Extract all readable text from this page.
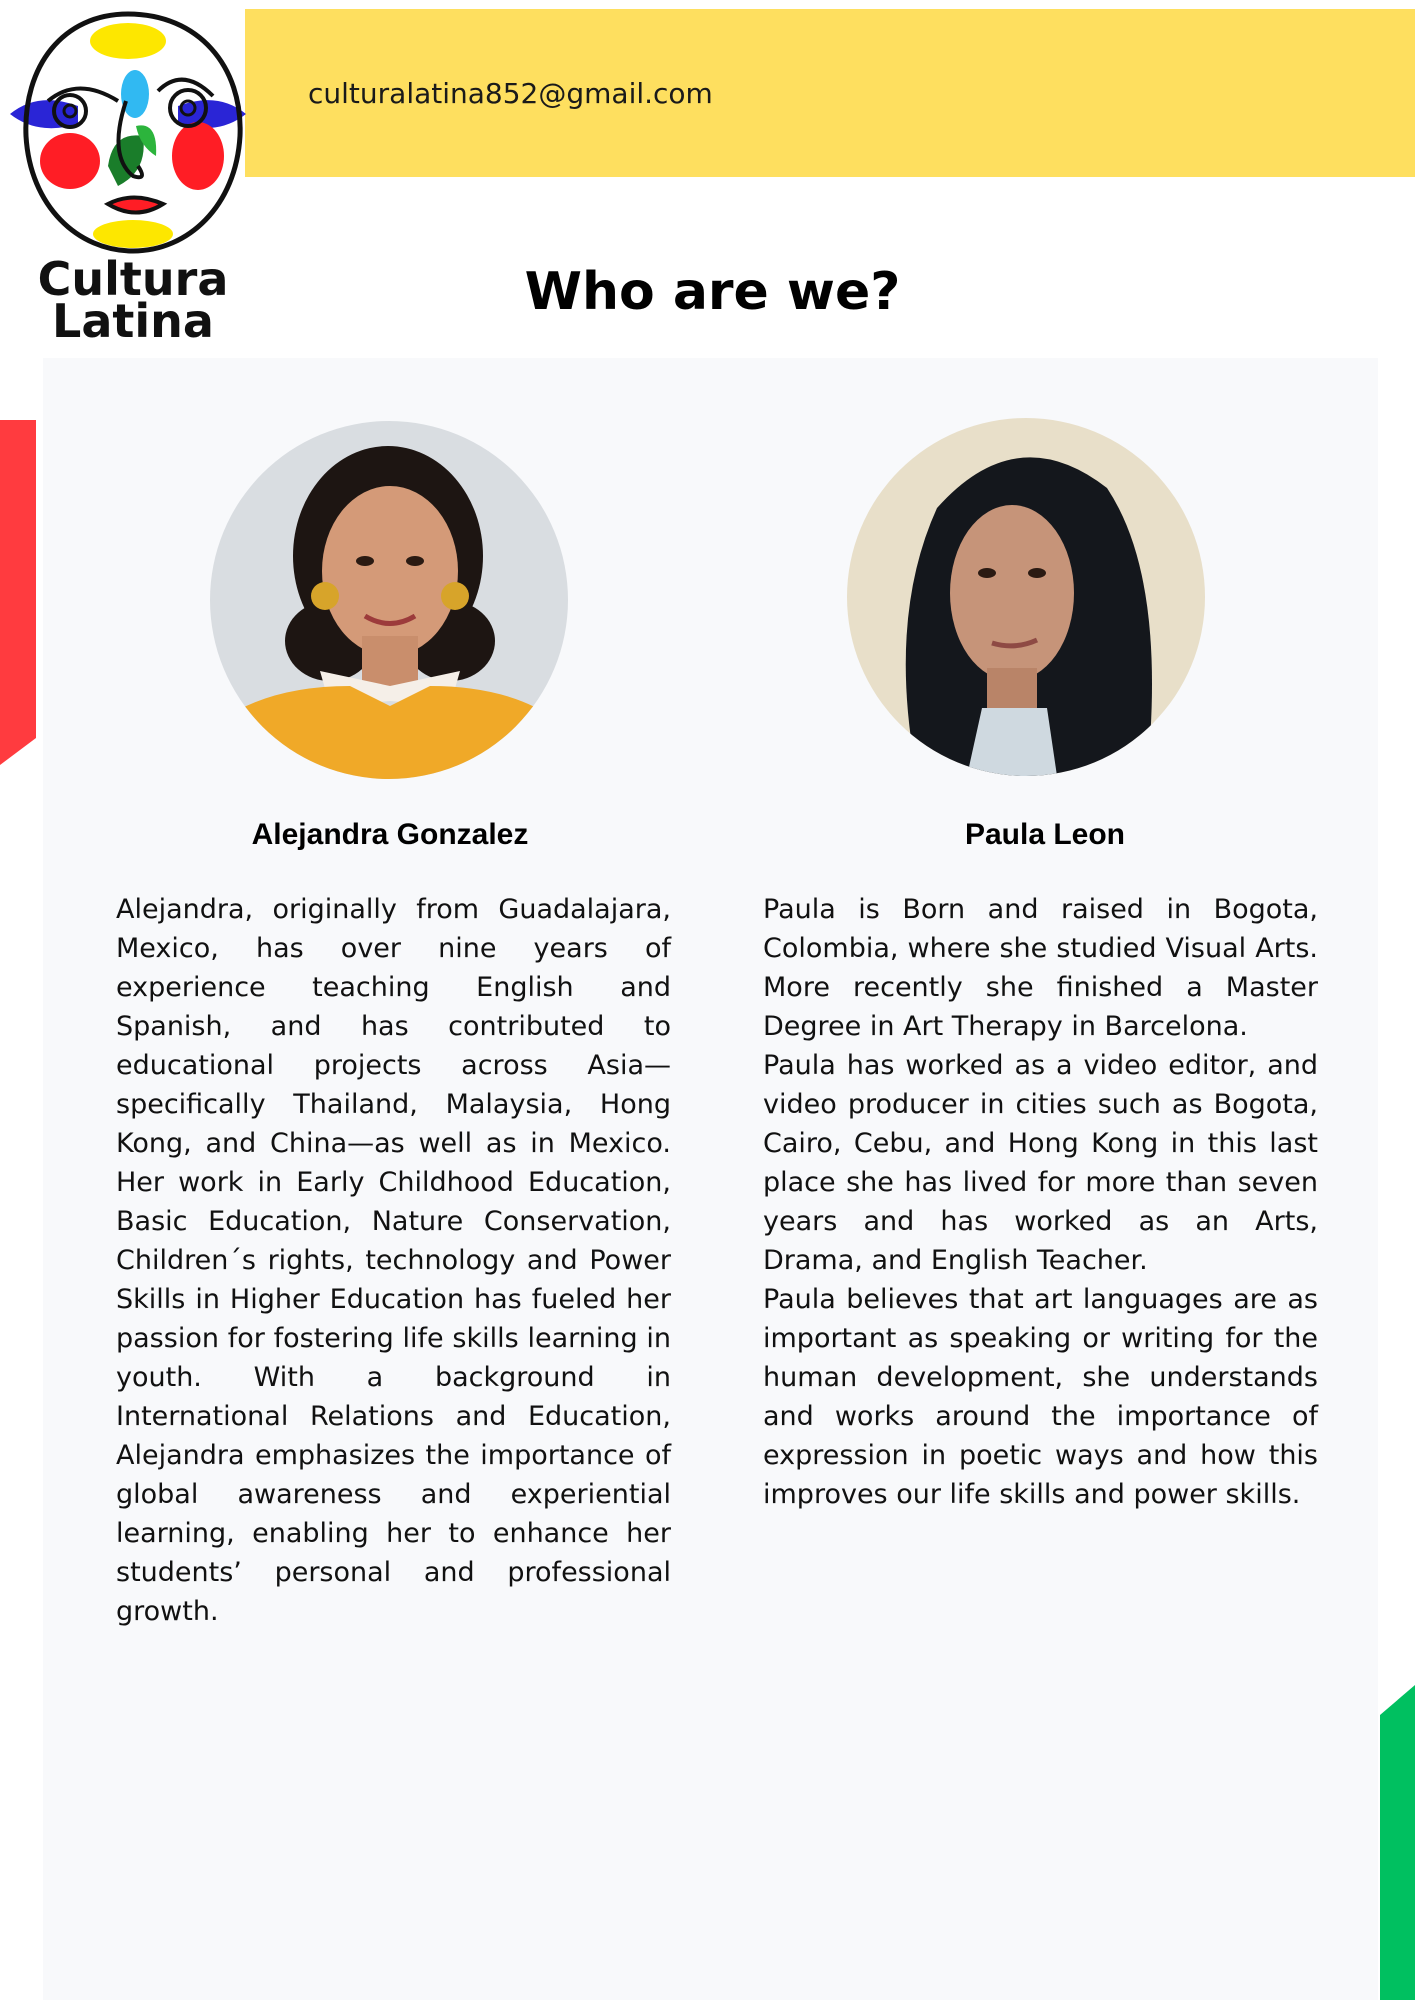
culturalatina852@gmail.com
Cultura
Latina	Who are we?
Alejandra Gonzalez

Alejandra, originally from Guadalajara, Mexico, has over nine years of experience teaching English and Spanish, and has contributed to educational projects across Asia—specifically Thailand, Malaysia, Hong Kong, and China—as well as in Mexico. Her work in Early Childhood Education, Basic Education, Nature Conservation, Children´s rights, technology and Power Skills in Higher Education has fueled her passion for fostering life skills learning in youth. With a background in International Relations and Education, Alejandra emphasizes the importance of global awareness and experiential learning, enabling her to enhance her students’ personal and professional growth.

Paula Leon

Paula is Born and raised in Bogota, Colombia, where she studied Visual Arts. More recently she finished a Master Degree in Art Therapy in Barcelona.

Paula has worked as a video editor, and video producer in cities such as Bogota, Cairo, Cebu, and Hong Kong in this last place she has lived for more than seven years and has worked as an Arts, Drama, and English Teacher.

Paula believes that art languages are as important as speaking or writing for the human development, she understands and works around the importance of expression in poetic ways and how this improves our life skills and power skills.
